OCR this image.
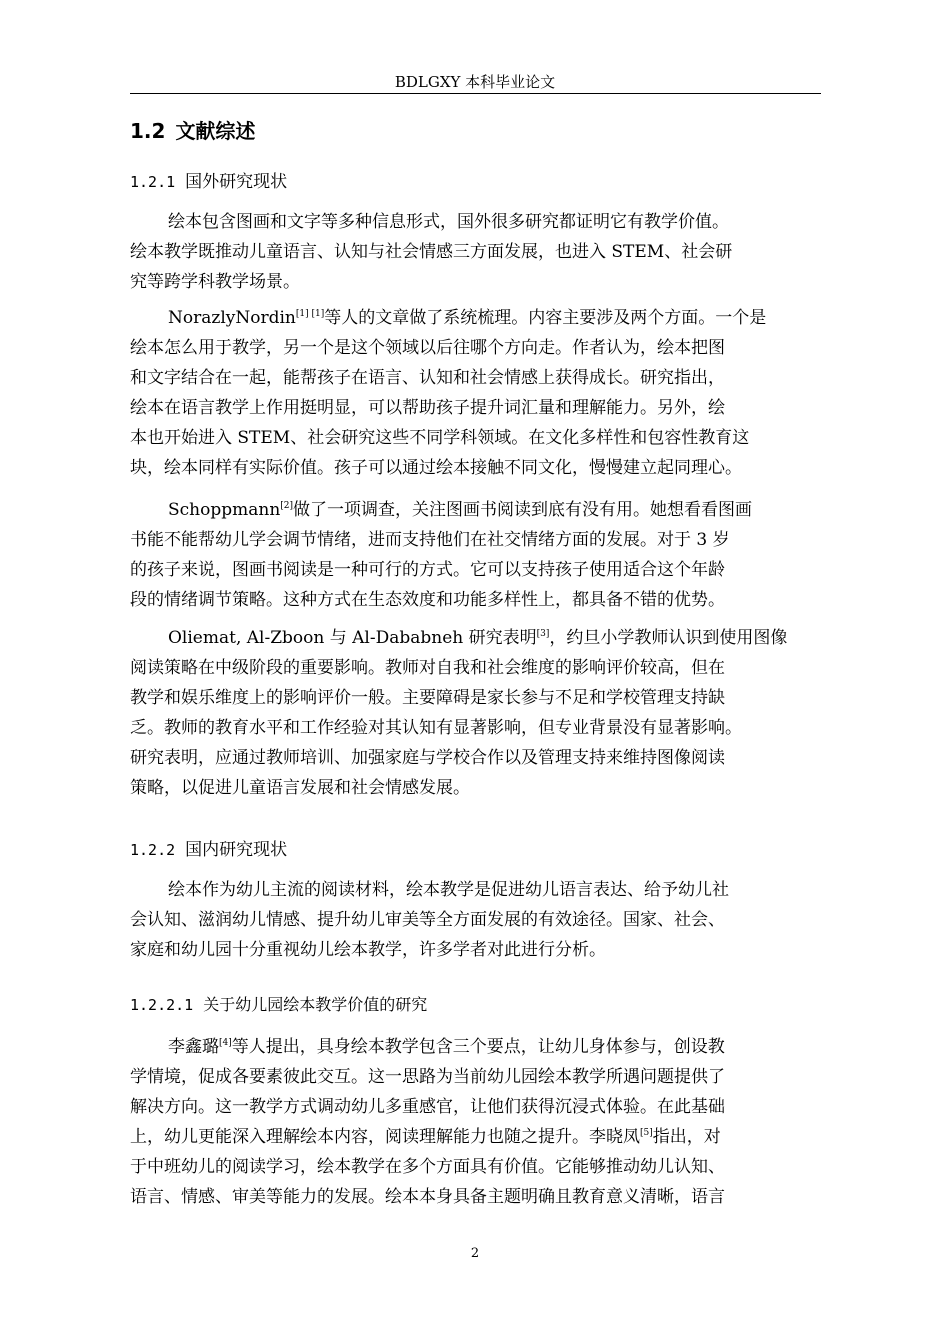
BDLGXY 本科毕业论文
1.2 文献综述
1.2.1 国外研究现状
绘本包含图画和文字等多种信息形式，国外很多研究都证明它有教学价值。
绘本教学既推动儿童语言、认知与社会情感三方面发展，也进入 STEM、社会研
究等跨学科教学场景。
NorazlyNordin[1] [1]等人的文章做了系统梳理。内容主要涉及两个方面。一个是
绘本怎么用于教学，另一个是这个领域以后往哪个方向走。作者认为，绘本把图
和文字结合在一起，能帮孩子在语言、认知和社会情感上获得成长。研究指出，
绘本在语言教学上作用挺明显，可以帮助孩子提升词汇量和理解能力。另外，绘
本也开始进入 STEM、社会研究这些不同学科领域。在文化多样性和包容性教育这
块，绘本同样有实际价值。孩子可以通过绘本接触不同文化，慢慢建立起同理心。
Schoppmann[2]做了一项调查，关注图画书阅读到底有没有用。她想看看图画
书能不能帮幼儿学会调节情绪，进而支持他们在社交情绪方面的发展。对于 3 岁
的孩子来说，图画书阅读是一种可行的方式。它可以支持孩子使用适合这个年龄
段的情绪调节策略。这种方式在生态效度和功能多样性上，都具备不错的优势。
Oliemat, Al-Zboon 与 Al-Dababneh 研究表明[3]，约旦小学教师认识到使用图像
阅读策略在中级阶段的重要影响。教师对自我和社会维度的影响评价较高，但在
教学和娱乐维度上的影响评价一般。主要障碍是家长参与不足和学校管理支持缺
乏。教师的教育水平和工作经验对其认知有显著影响，但专业背景没有显著影响。
研究表明，应通过教师培训、加强家庭与学校合作以及管理支持来维持图像阅读
策略，以促进儿童语言发展和社会情感发展。
1.2.2 国内研究现状
绘本作为幼儿主流的阅读材料，绘本教学是促进幼儿语言表达、给予幼儿社
会认知、滋润幼儿情感、提升幼儿审美等全方面发展的有效途径。国家、社会、
家庭和幼儿园十分重视幼儿绘本教学，许多学者对此进行分析。
1.2.2.1 关于幼儿园绘本教学价值的研究
李鑫璐[4]等人提出，具身绘本教学包含三个要点，让幼儿身体参与，创设教
学情境，促成各要素彼此交互。这一思路为当前幼儿园绘本教学所遇问题提供了
解决方向。这一教学方式调动幼儿多重感官，让他们获得沉浸式体验。在此基础
上，幼儿更能深入理解绘本内容，阅读理解能力也随之提升。李晓凤[5]指出，对
于中班幼儿的阅读学习，绘本教学在多个方面具有价值。它能够推动幼儿认知、
语言、情感、审美等能力的发展。绘本本身具备主题明确且教育意义清晰，语言
2
